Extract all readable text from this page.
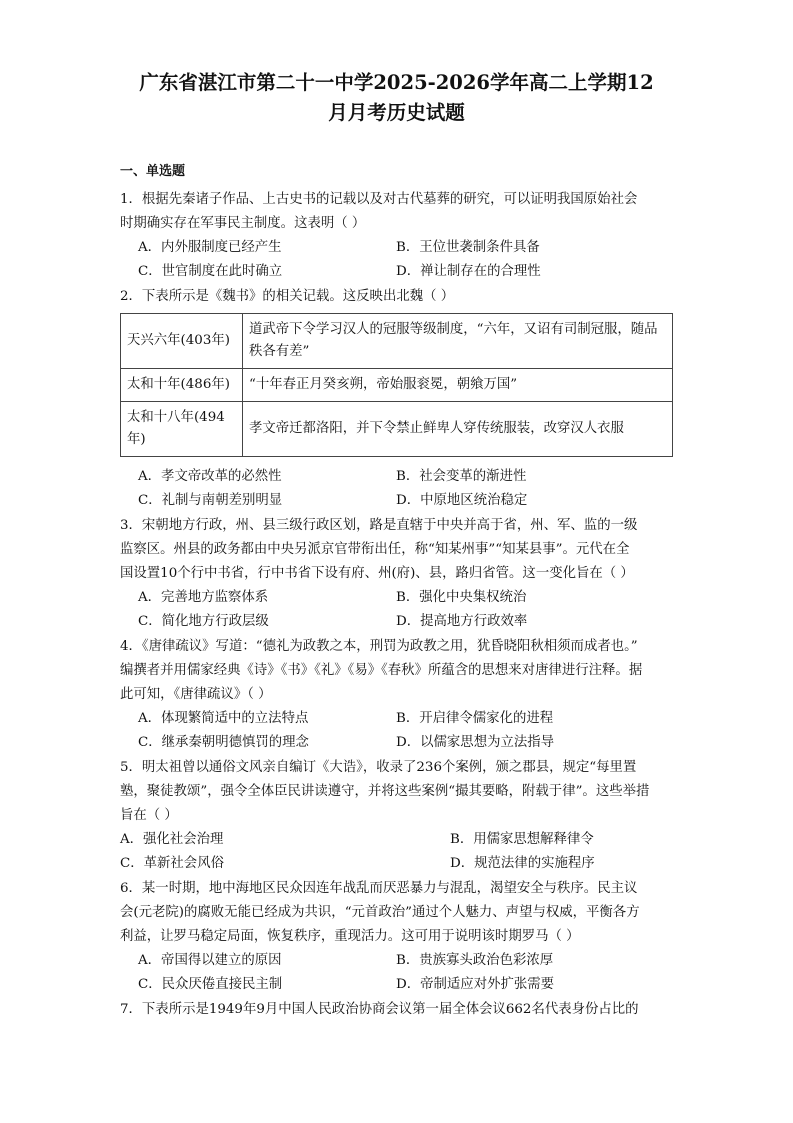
广东省湛江市第二十一中学2025-2026学年高二上学期12
月月考历史试题
一、单选题
1．根据先秦诸子作品、上古史书的记载以及对古代墓葬的研究，可以证明我国原始社会
时期确实存在军事民主制度。这表明（ ）
A．内外服制度已经产生	B．王位世袭制条件具备
C．世官制度在此时确立	D．禅让制存在的合理性
2．下表所示是《魏书》的相关记载。这反映出北魏（ ）
天兴六年(403年)	道武帝下令学习汉人的冠服等级制度，“六年，又诏有司制冠服，随品秩各有差”
太和十年(486年)	“十年春正月癸亥朔，帝始服衮冕，朝飨万国”
太和十八年(494年)	孝文帝迁都洛阳，并下令禁止鲜卑人穿传统服装，改穿汉人衣服
A．孝文帝改革的必然性	B．社会变革的渐进性
C．礼制与南朝差别明显	D．中原地区统治稳定
3．宋朝地方行政，州、县三级行政区划，路是直辖于中央并高于省，州、军、监的一级
监察区。州县的政务都由中央另派京官带衔出任，称“知某州事”“知某县事”。元代在全
国设置10个行中书省，行中书省下设有府、州(府)、县，路归省管。这一变化旨在（ ）
A．完善地方监察体系	B．强化中央集权统治
C．简化地方行政层级	D．提高地方行政效率
4．《唐律疏议》写道：“德礼为政教之本，刑罚为政教之用，犹昏晓阳秋相须而成者也。”
编撰者并用儒家经典《诗》《书》《礼》《易》《春秋》所蕴含的思想来对唐律进行注释。据
此可知，《唐律疏议》（ ）
A．体现繁简适中的立法特点	B．开启律令儒家化的进程
C．继承秦朝明德慎罚的理念	D．以儒家思想为立法指导
5．明太祖曾以通俗文风亲自编订《大诰》，收录了236个案例，颁之郡县，规定“每里置
塾，聚徒教颂”，强令全体臣民讲读遵守，并将这些案例“撮其要略，附载于律”。这些举措
旨在（ ）
A．强化社会治理	B．用儒家思想解释律令
C．革新社会风俗	D．规范法律的实施程序
6．某一时期，地中海地区民众因连年战乱而厌恶暴力与混乱，渴望安全与秩序。民主议
会(元老院)的腐败无能已经成为共识，“元首政治”通过个人魅力、声望与权威，平衡各方
利益，让罗马稳定局面，恢复秩序，重现活力。这可用于说明该时期罗马（ ）
A．帝国得以建立的原因	B．贵族寡头政治色彩浓厚
C．民众厌倦直接民主制	D．帝制适应对外扩张需要
7．下表所示是1949年9月中国人民政治协商会议第一届全体会议662名代表身份占比的
